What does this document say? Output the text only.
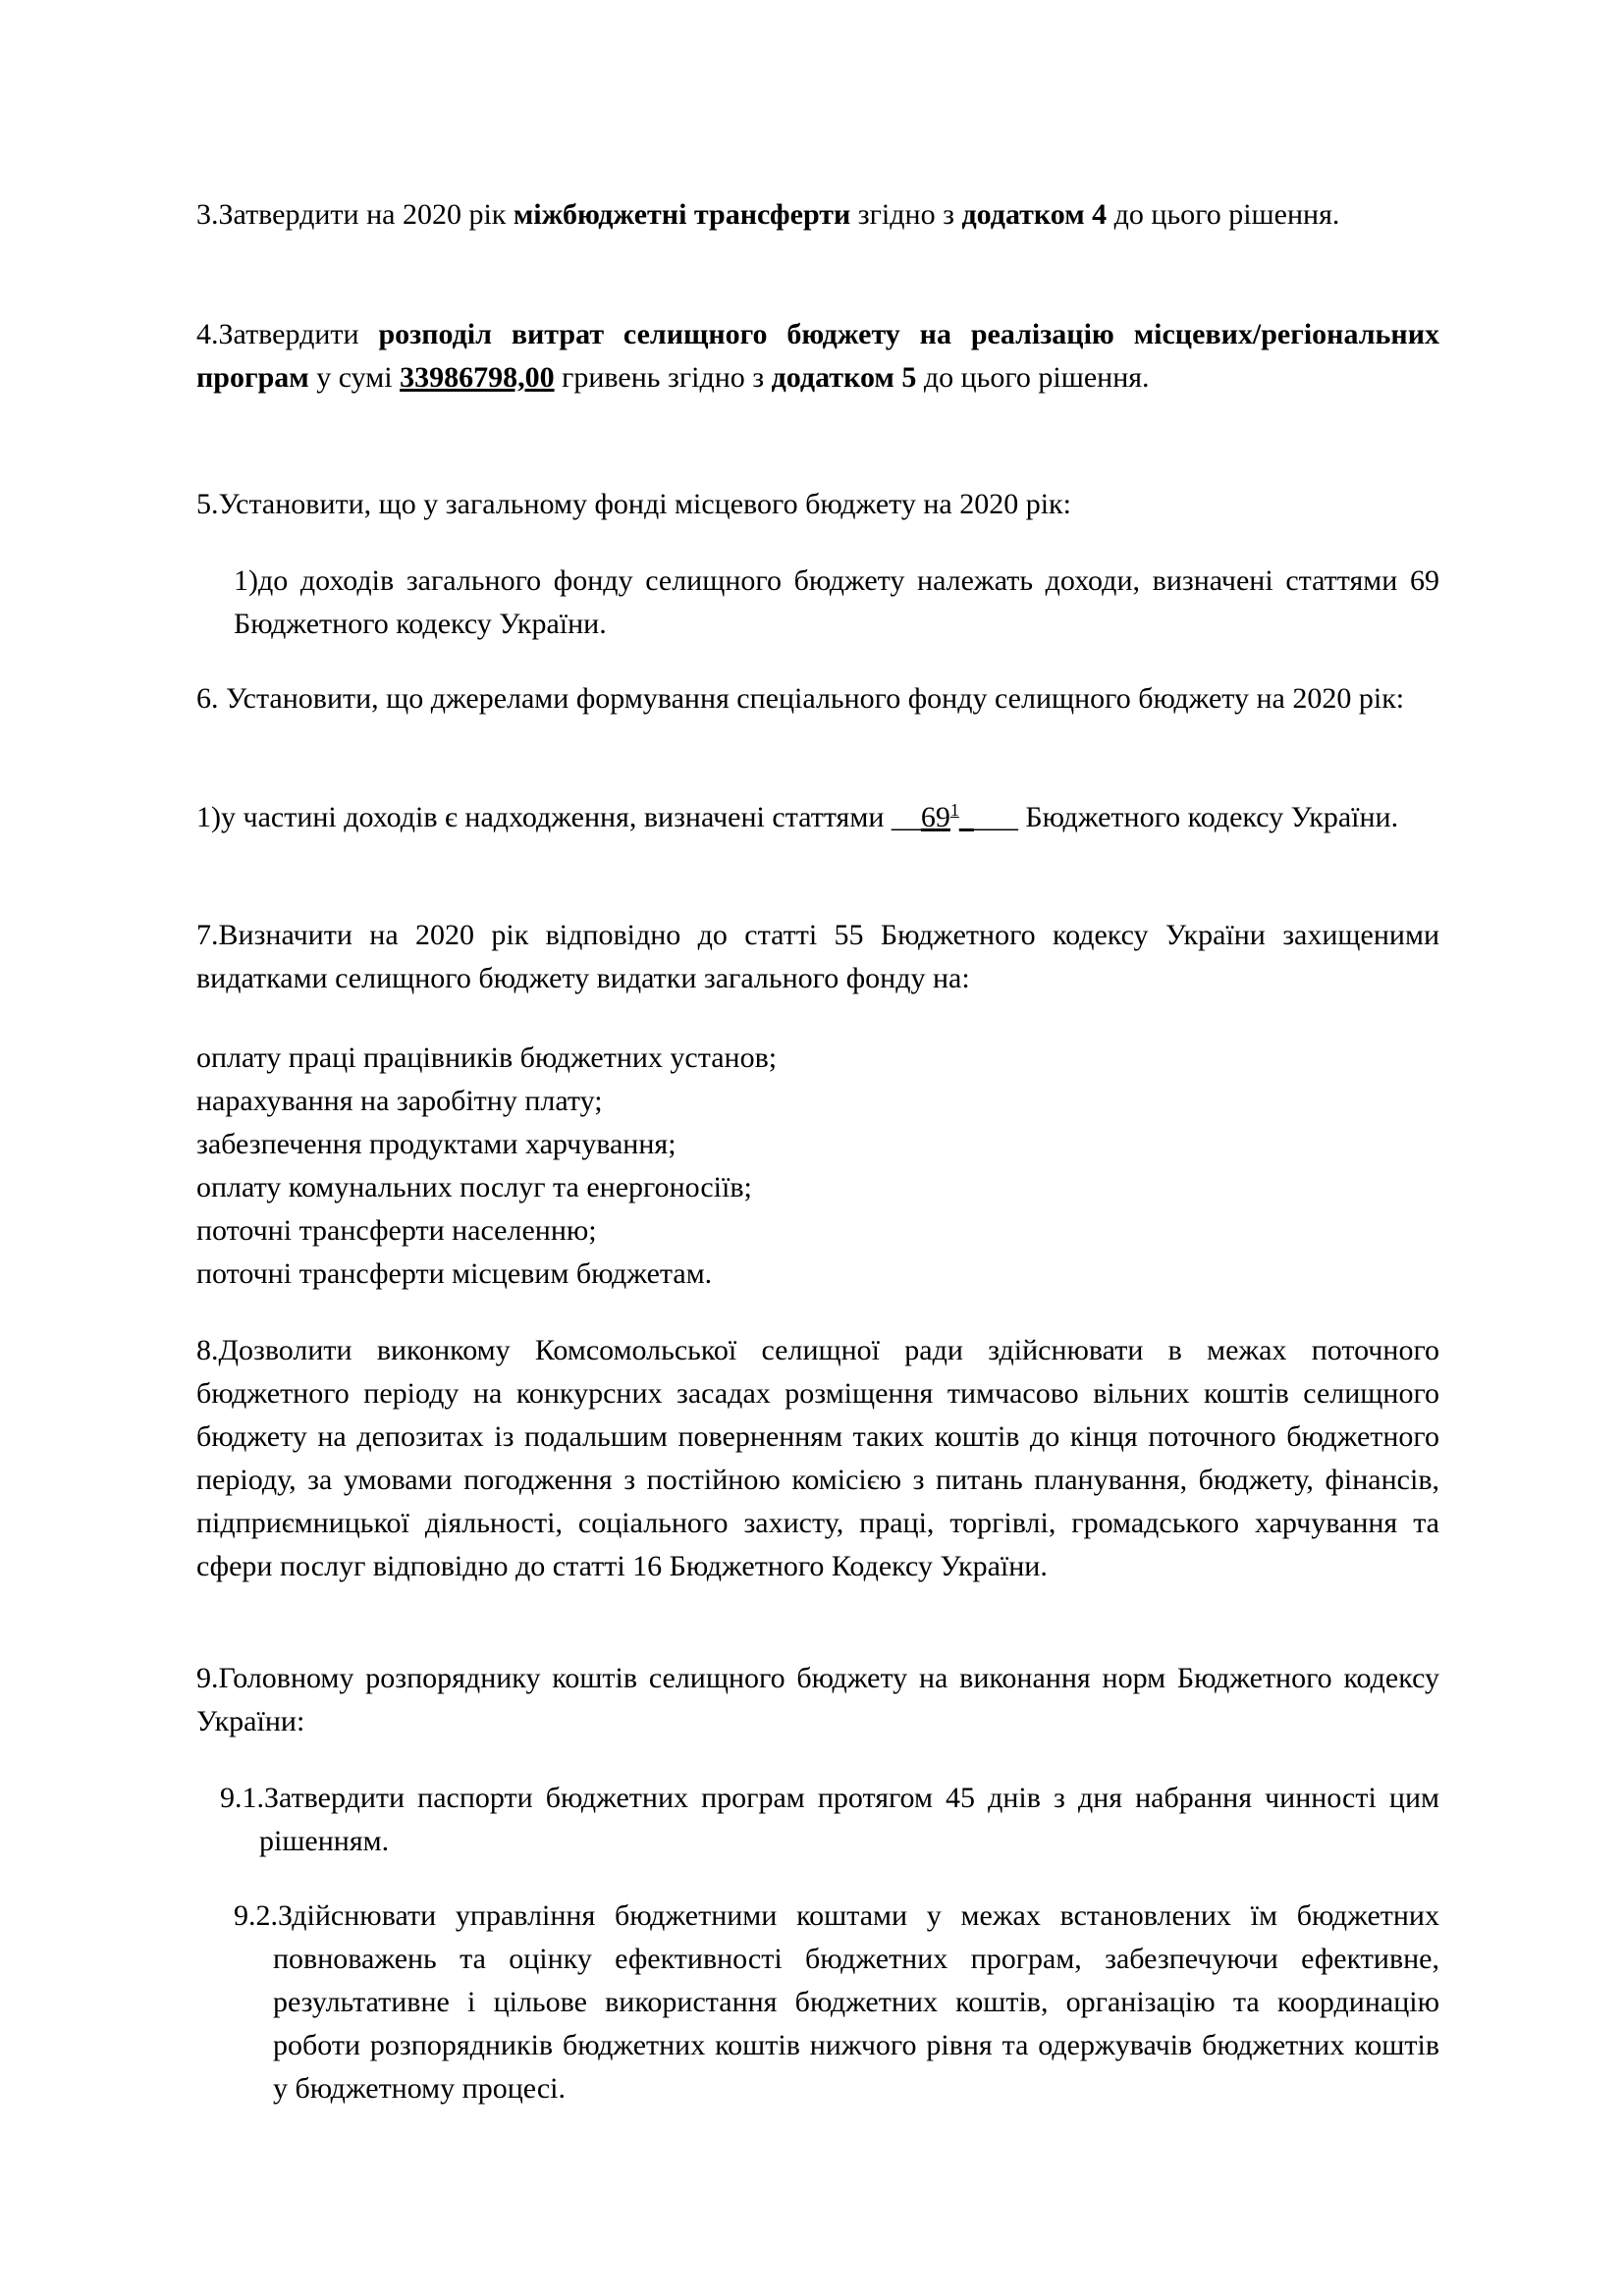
3.Затвердити на 2020 рік міжбюджетні трансферти згідно з додатком 4 до цього рішення.

4.Затвердити розподіл витрат селищного бюджету на реалізацію місцевих/регіональних програм у сумі 33986798,00 гривень згідно з додатком 5 до цього рішення.

5.Установити, що у загальному фонді місцевого бюджету на 2020 рік:

1)до доходів загального фонду селищного бюджету належать доходи, визначені статтями 69 Бюджетного кодексу України.

6. Установити, що джерелами формування спеціального фонду селищного бюджету на 2020 рік:

1)у частині доходів є надходження, визначені статтями $\_\_69^1\_\_\_\_$ Бюджетного кодексу України.

7.Визначити на 2020 рік відповідно до статті 55 Бюджетного кодексу України захищеними видатками селищного бюджету видатки загального фонду на:

оплату праці працівників бюджетних установ;
нарахування на заробітну плату;
забезпечення продуктами харчування;
оплату комунальних послуг та енергоносіїв;
поточні трансферти населенню;
поточні трансферти місцевим бюджетам.

8.Дозволити виконкому Комсомольської селищної ради здійснювати в межах поточного бюджетного періоду на конкурсних засадах розміщення тимчасово вільних коштів селищного бюджету на депозитах із подальшим поверненням таких коштів до кінця поточного бюджетного періоду, за умовами погодження з постійною комісією з питань планування, бюджету, фінансів, підприємницької діяльності, соціального захисту, праці, торгівлі, громадського харчування та сфери послуг відповідно до статті 16 Бюджетного Кодексу України.

9.Головному розпоряднику коштів селищного бюджету на виконання норм Бюджетного кодексу України:

9.1.Затвердити паспорти бюджетних програм протягом 45 днів з дня набрання чинності цим рішенням.

9.2.Здійснювати управління бюджетними коштами у межах встановлених їм бюджетних повноважень та оцінку ефективності бюджетних програм, забезпечуючи ефективне, результативне і цільове використання бюджетних коштів, організацію та координацію роботи розпорядників бюджетних коштів нижчого рівня та одержувачів бюджетних коштів у бюджетному процесі.
